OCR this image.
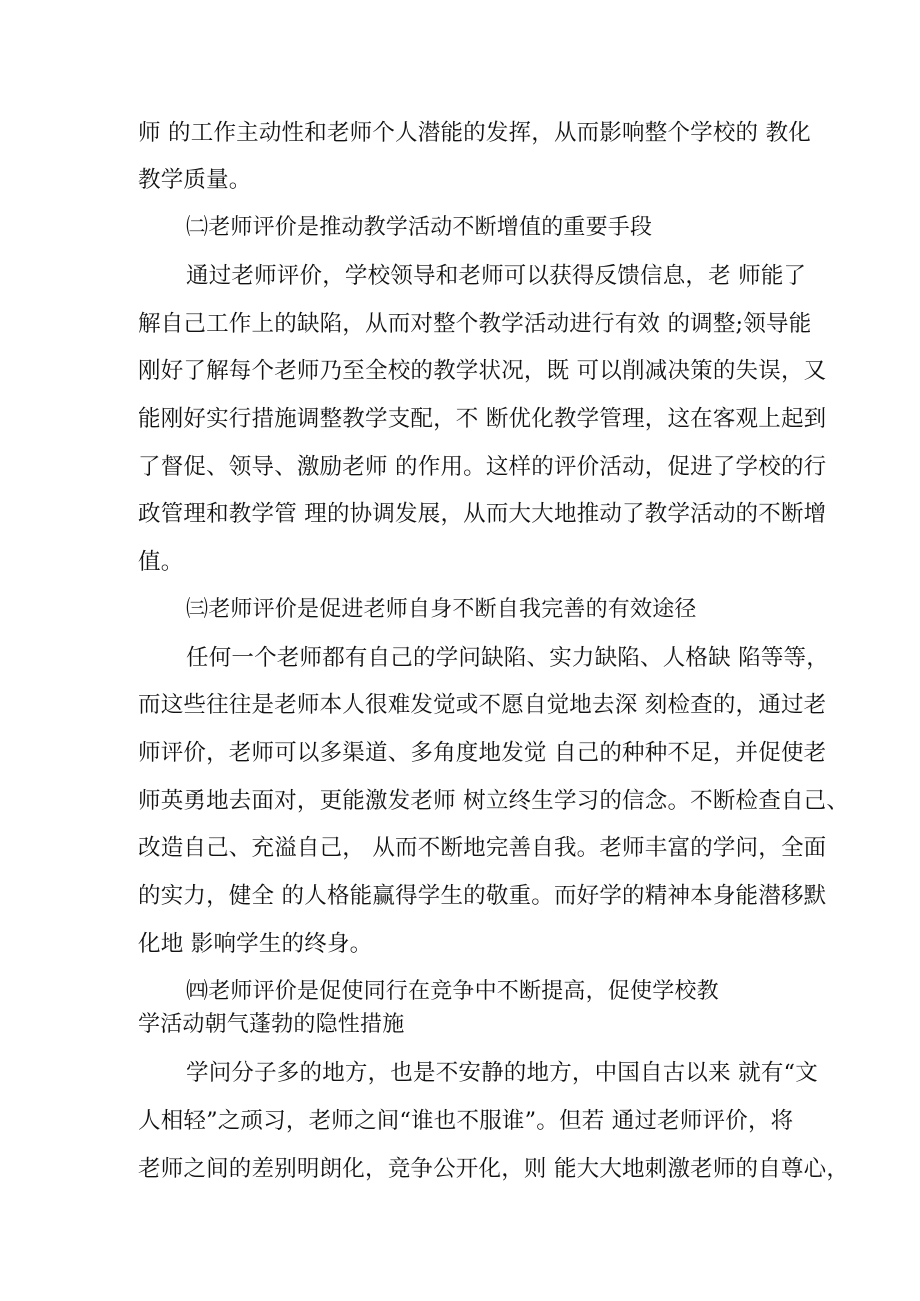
师 的工作主动性和老师个人潜能的发挥，从而影响整个学校的 教化
教学质量。
㈡老师评价是推动教学活动不断增值的重要手段
通过老师评价，学校领导和老师可以获得反馈信息，老 师能了
解自己工作上的缺陷，从而对整个教学活动进行有效 的调整;领导能
刚好了解每个老师乃至全校的教学状况，既 可以削减决策的失误，又
能刚好实行措施调整教学支配，不 断优化教学管理，这在客观上起到
了督促、领导、激励老师 的作用。这样的评价活动，促进了学校的行
政管理和教学管 理的协调发展，从而大大地推动了教学活动的不断增
值。
㈢老师评价是促进老师自身不断自我完善的有效途径
任何一个老师都有自己的学问缺陷、实力缺陷、人格缺 陷等等，
而这些往往是老师本人很难发觉或不愿自觉地去深 刻检查的，通过老
师评价，老师可以多渠道、多角度地发觉 自己的种种不足，并促使老
师英勇地去面对，更能激发老师 树立终生学习的信念。不断检查自己、
改造自己、充溢自己， 从而不断地完善自我。老师丰富的学问，全面
的实力，健全 的人格能赢得学生的敬重。而好学的精神本身能潜移默
化地 影响学生的终身。
㈣老师评价是促使同行在竞争中不断提高，促使学校教
学活动朝气蓬勃的隐性措施
学问分子多的地方，也是不安静的地方，中国自古以来 就有“文
人相轻”之顽习，老师之间“谁也不服谁”。但若 通过老师评价，将
老师之间的差别明朗化，竞争公开化，则 能大大地刺激老师的自尊心，
